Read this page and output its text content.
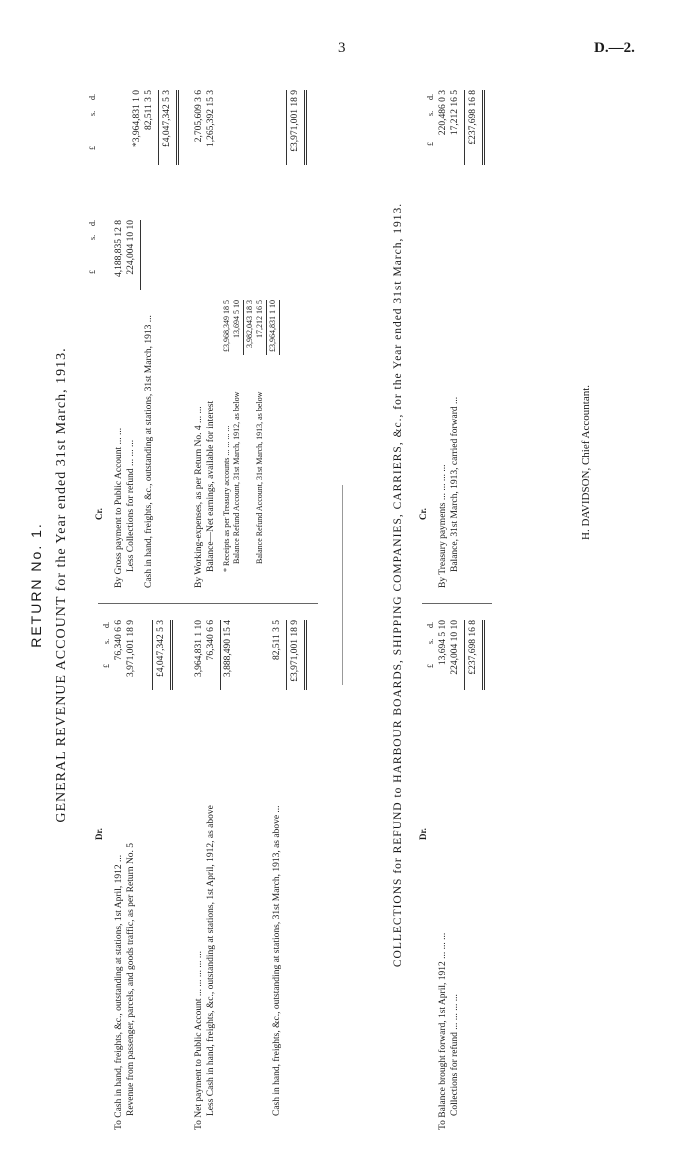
3	D.—2.
RETURN No. 1. GENERAL REVENUE ACCOUNT for the Year ended 31st March, 1913.
Dr.
£
s.
d.
To Cash in hand, freights, &c., outstanding at stations, 1st April, 1912 ...
76,340 6 6
Revenue from passenger, parcels, and goods traffic, as per Return No. 5
3,971,001 18 9 £4,047,342 5 3
To Net payment to Public Account ... ... ... ... ...
3,964,831 1 10
Less Cash in hand, freights, &c., outstanding at stations, 1st April, 1912, as above
76,340 6 6 3,888,490 15 4
Cash in hand, freights, &c., outstanding at stations, 31st March, 1913, as above ...
82,511 3 5 £3,971,001 18 9
Cr.
£
s.
d.
£
s.
d.
By Gross payment to Public Account ... ...
4,188,835 12 8
Less Collections for refund ... ... ...
224,004 10 10
*3,964,831 1 0
Cash in hand, freights, &c., outstanding at stations, 31st March, 1913 ...
82,511 3 5 £4,047,342 5 3
By Working-expenses, as per Return No. 4 ... ...
2,705,609 3 6
Balance—Net earnings, available for interest
1,265,392 15 3
* Receipts as per Treasury accounts ... ... ... ...
£3,968,349 18 5
Balance Refund Account, 31st March, 1912, as below
13,694 5 10 3,982,043 18 3
Balance Refund Account, 31st March, 1913, as below
17,212 16 5 £3,964,831 1 10
£3,971,001 18 9
COLLECTIONS for REFUND to HARBOUR BOARDS, SHIPPING COMPANIES, CARRIERS, &c., for the Year ended 31st March, 1913. Dr.
£
s.
d.
To Balance brought forward, 1st April, 1912 ... ... ...
13,694 5 10
Collections for refund ... ... ... ...
224,004 10 10 £237,698 16 8
Cr.
£
s.
d.
By Treasury payments ... ... ... ...
220,486 0 3
Balance, 31st March, 1913, carried forward ...
17,212 16 5 £237,698 16 8
H. DAVIDSON, Chief Accountant.
